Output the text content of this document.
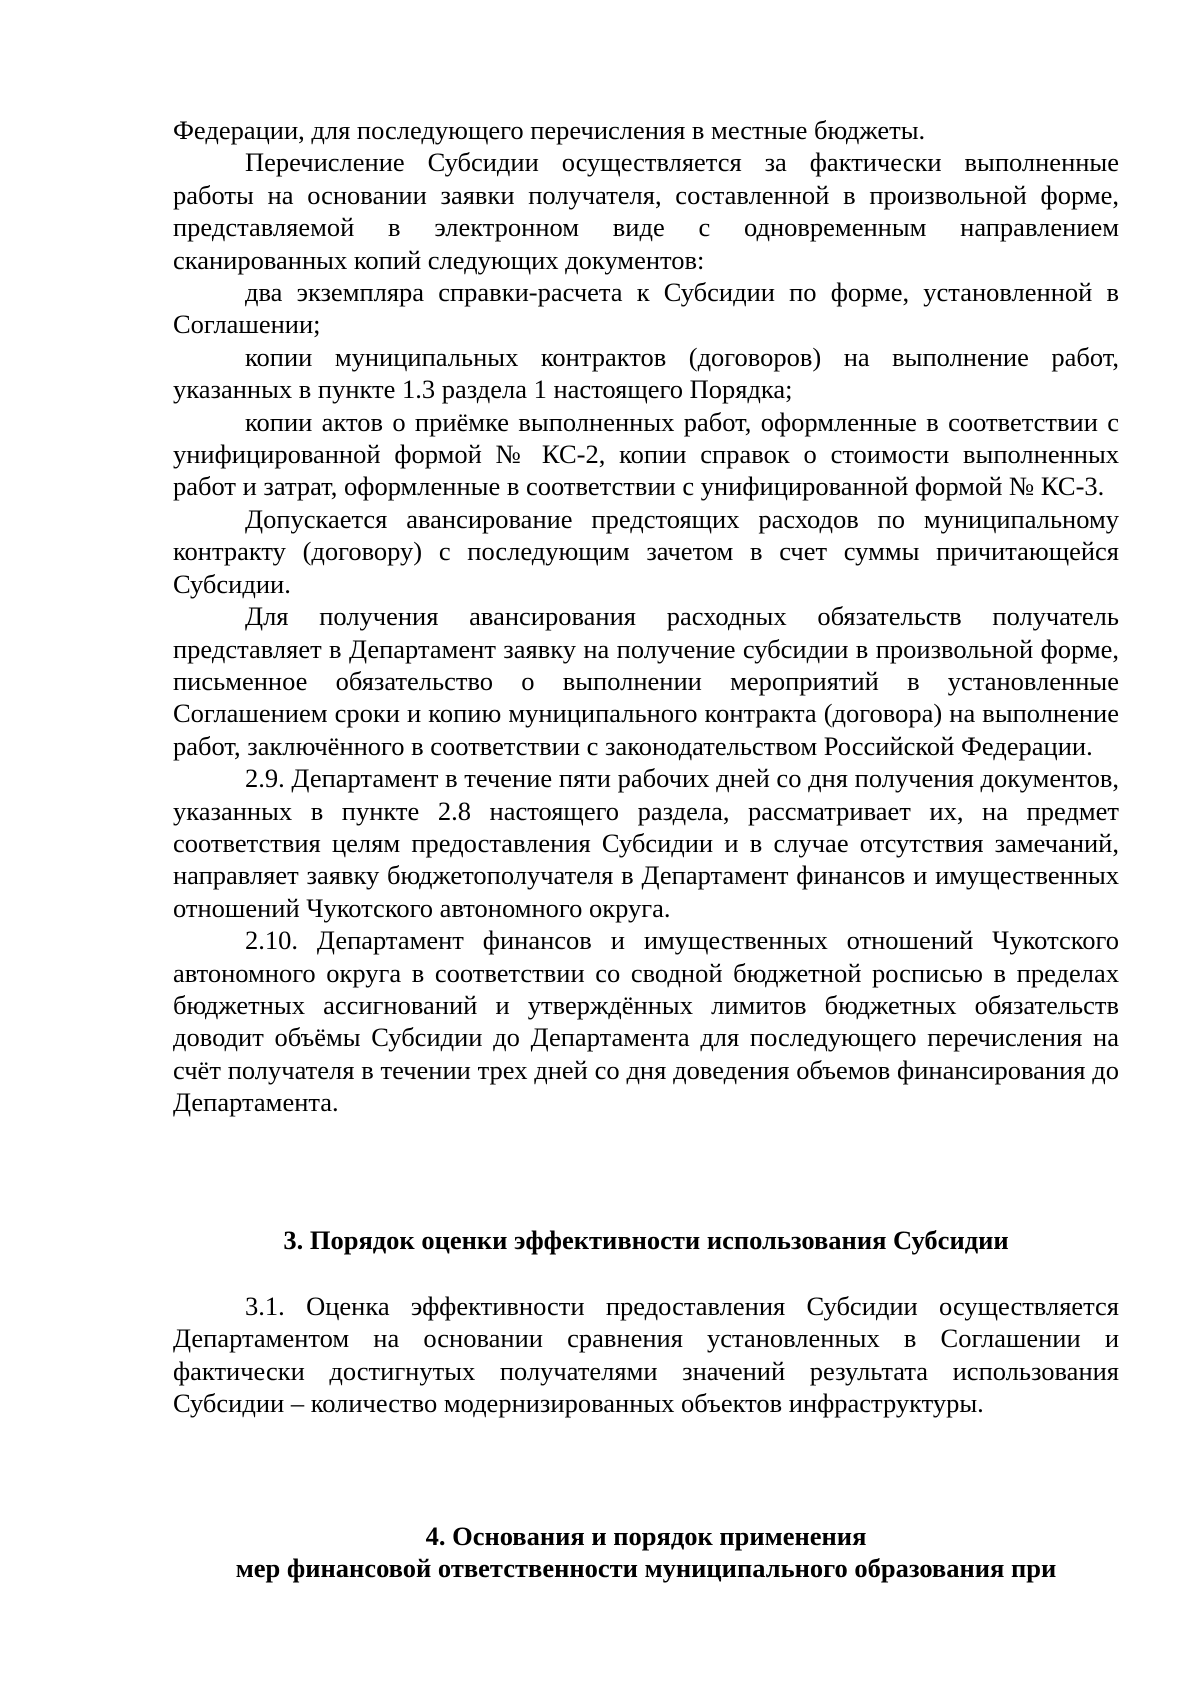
Федерации, для последующего перечисления в местные бюджеты.

Перечисление Субсидии осуществляется за фактически выполненные работы на основании заявки получателя, составленной в произвольной форме, представляемой в электронном виде с одновременным направлением сканированных копий следующих документов:

два экземпляра справки-расчета к Субсидии по форме, установленной в Соглашении;

копии муниципальных контрактов (договоров) на выполнение работ, указанных в пункте 1.3 раздела 1 настоящего Порядка;

копии актов о приёмке выполненных работ, оформленные в соответствии с унифицированной формой № КС-2, копии справок о стоимости выполненных работ и затрат, оформленные в соответствии с унифицированной формой № КС-3.

Допускается авансирование предстоящих расходов по муниципальному контракту (договору) с последующим зачетом в счет суммы причитающейся Субсидии.

Для получения авансирования расходных обязательств получатель представляет в Департамент заявку на получение субсидии в произвольной форме, письменное обязательство о выполнении мероприятий в установленные Соглашением сроки и копию муниципального контракта (договора) на выполнение работ, заключённого в соответствии с законодательством Российской Федерации.

2.9. Департамент в течение пяти рабочих дней со дня получения документов, указанных в пункте 2.8 настоящего раздела, рассматривает их, на предмет соответствия целям предоставления Субсидии и в случае отсутствия замечаний, направляет заявку бюджетополучателя в Департамент финансов и имущественных отношений Чукотского автономного округа.

2.10. Департамент финансов и имущественных отношений Чукотского автономного округа в соответствии со сводной бюджетной росписью в пределах бюджетных ассигнований и утверждённых лимитов бюджетных обязательств доводит объёмы Субсидии до Департамента для последующего перечисления на счёт получателя в течении трех дней со дня доведения объемов финансирования до Департамента.

3. Порядок оценки эффективности использования Субсидии

3.1. Оценка эффективности предоставления Субсидии осуществляется Департаментом на основании сравнения установленных в Соглашении и фактически достигнутых получателями значений результата использования Субсидии – количество модернизированных объектов инфраструктуры.

4. Основания и порядок применения
мер финансовой ответственности муниципального образования при
